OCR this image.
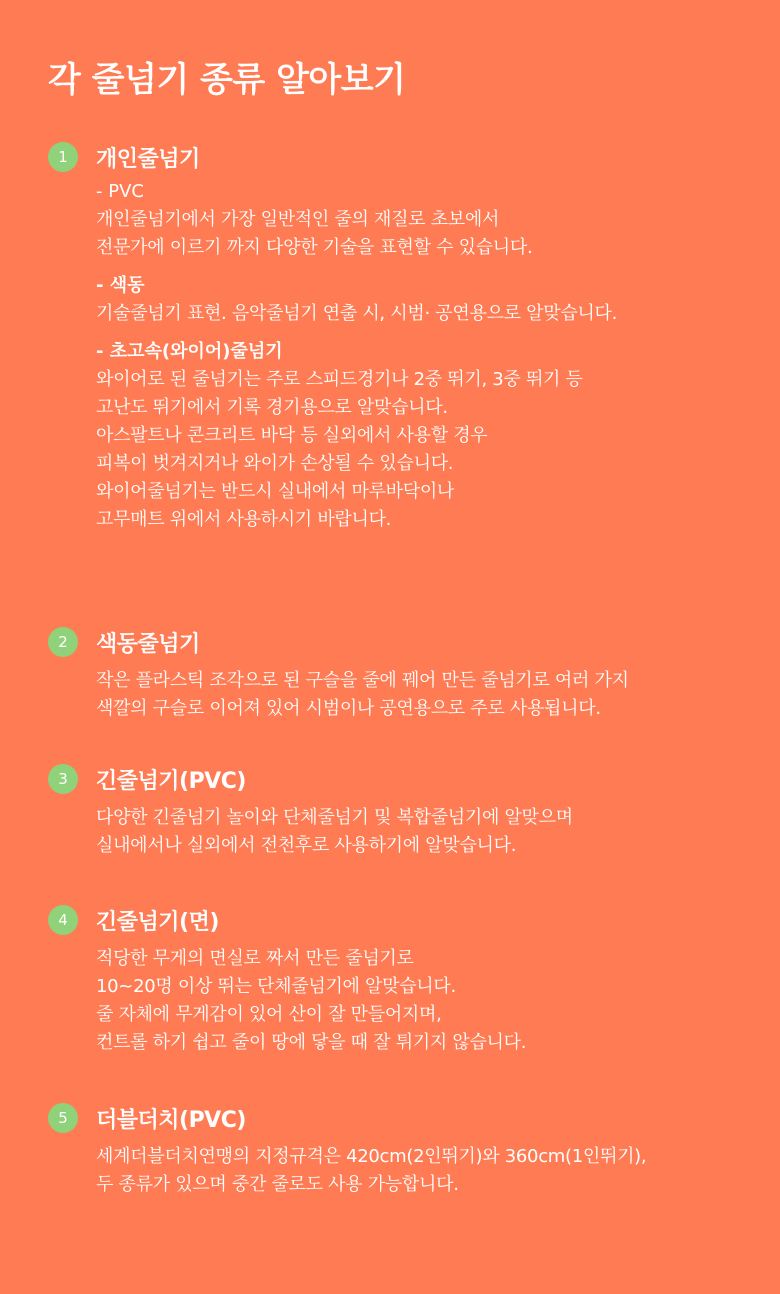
각 줄넘기 종류 알아보기
1	개인줄넘기
- PVC
개인줄넘기에서 가장 일반적인 줄의 재질로 초보에서
전문가에 이르기 까지 다양한 기술을 표현할 수 있습니다.
- 색동
기술줄넘기 표현. 음악줄넘기 연출 시, 시범· 공연용으로 알맞습니다.
- 초고속(와이어)줄넘기
와이어로 된 줄넘기는 주로 스피드경기나 2중 뛰기, 3중 뛰기 등
고난도 뛰기에서 기록 경기용으로 알맞습니다.
아스팔트나 콘크리트 바닥 등 실외에서 사용할 경우
피복이 벗겨지거나 와이가 손상될 수 있습니다.
와이어줄넘기는 반드시 실내에서 마루바닥이나
고무매트 위에서 사용하시기 바랍니다.
2	색동줄넘기
작은 플라스틱 조각으로 된 구슬을 줄에 꿰어 만든 줄넘기로 여러 가지
색깔의 구슬로 이어져 있어 시범이나 공연용으로 주로 사용됩니다.
3	긴줄넘기(PVC)
다양한 긴줄넘기 놀이와 단체줄넘기 및 복합줄넘기에 알맞으며
실내에서나 실외에서 전천후로 사용하기에 알맞습니다.
4	긴줄넘기(면)
적당한 무게의 면실로 짜서 만든 줄넘기로
10~20명 이상 뛰는 단체줄넘기에 알맞습니다.
줄 자체에 무게감이 있어 산이 잘 만들어지며,
컨트롤 하기 쉽고 줄이 땅에 닿을 때 잘 튀기지 않습니다.
5	더블더치(PVC)
세계더블더치연맹의 지정규격은 420cm(2인뛰기)와 360cm(1인뛰기),
두 종류가 있으며 중간 줄로도 사용 가능합니다.
